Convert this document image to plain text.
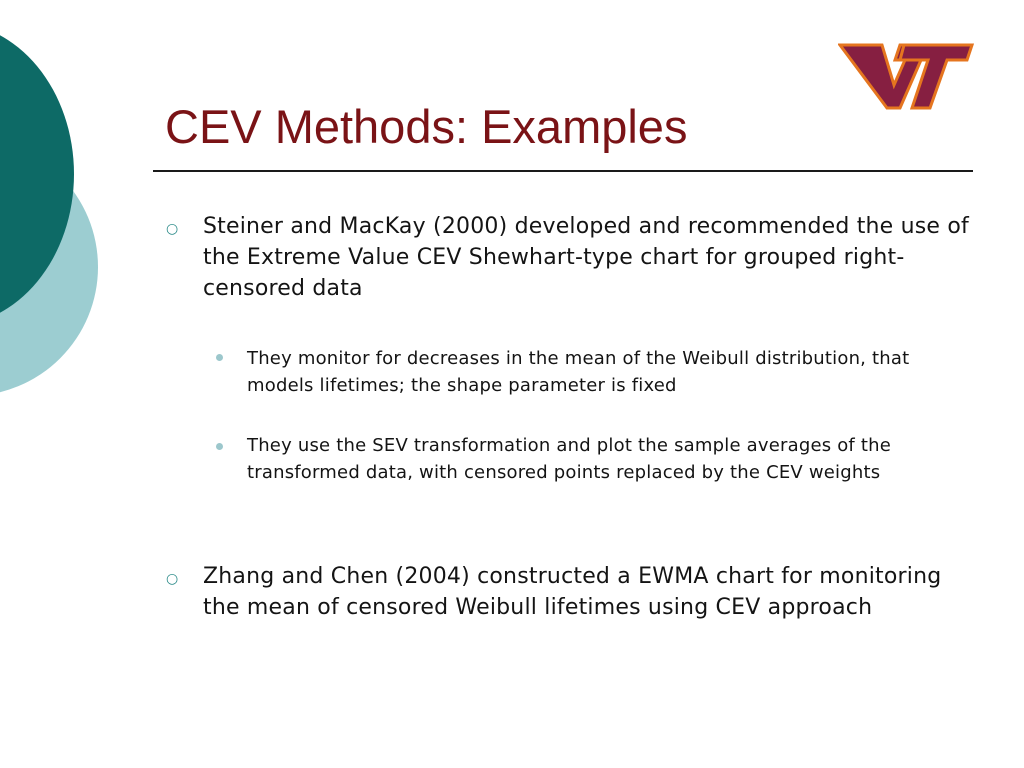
CEV Methods: Examples
○ Steiner and MacKay (2000) developed and recommended the use of the Extreme Value CEV Shewhart-type chart for grouped right-censored data
They monitor for decreases in the mean of the Weibull distribution, that models lifetimes; the shape parameter is fixed
They use the SEV transformation and plot the sample averages of the transformed data, with censored points replaced by the CEV weights
○ Zhang and Chen (2004) constructed a EWMA chart for monitoring the mean of censored Weibull lifetimes using CEV approach
